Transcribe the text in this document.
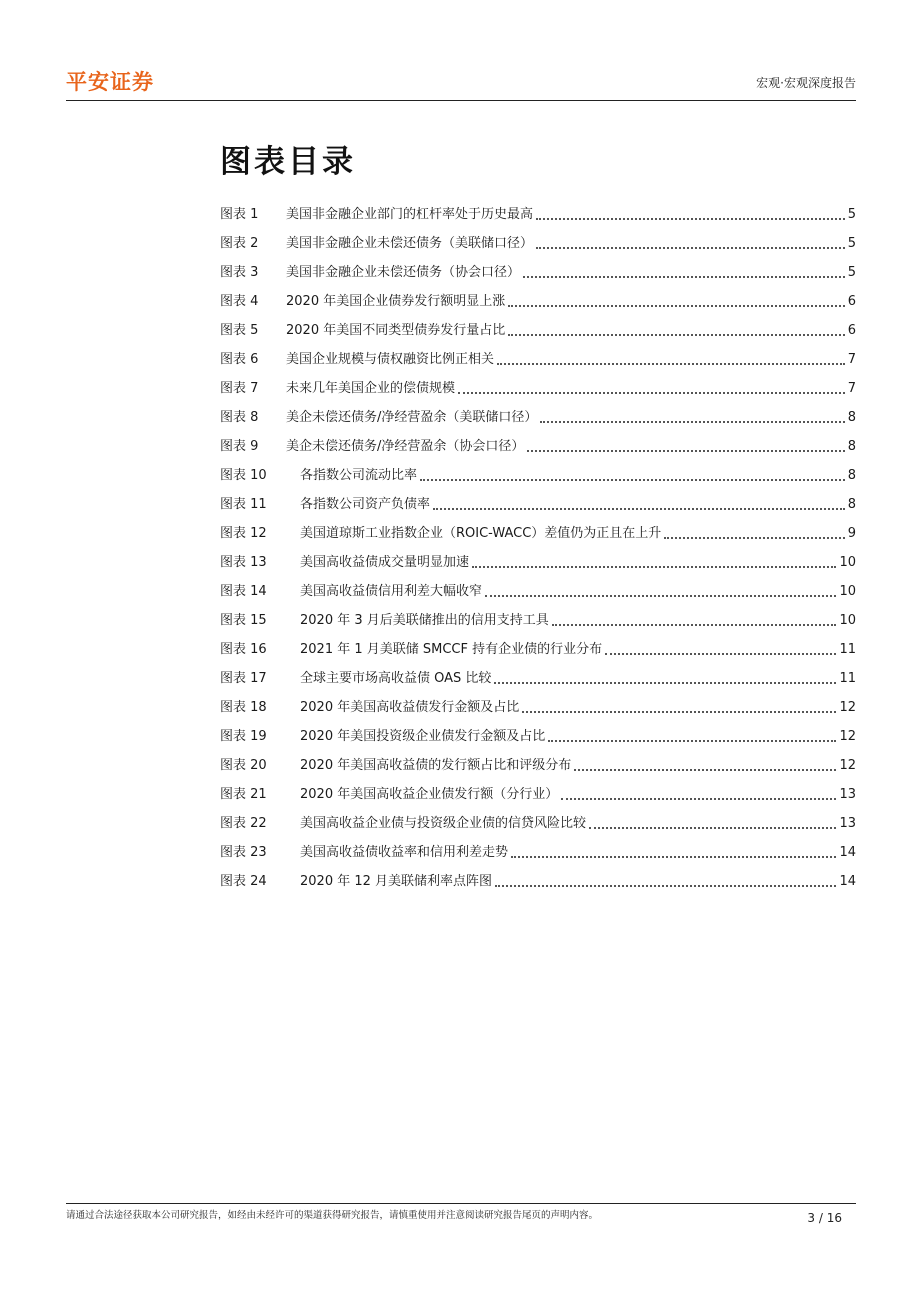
平安证券	宏观·宏观深度报告
图表目录
图表 1	美国非金融企业部门的杠杆率处于历史最高	5
图表 2	美国非金融企业未偿还债务（美联储口径）	5
图表 3	美国非金融企业未偿还债务（协会口径）	5
图表 4	2020 年美国企业债券发行额明显上涨	6
图表 5	2020 年美国不同类型债券发行量占比	6
图表 6	美国企业规模与债权融资比例正相关	7
图表 7	未来几年美国企业的偿债规模	7
图表 8	美企未偿还债务/净经营盈余（美联储口径）	8
图表 9	美企未偿还债务/净经营盈余（协会口径）	8
图表 10	各指数公司流动比率	8
图表 11	各指数公司资产负债率	8
图表 12	美国道琼斯工业指数企业（ROIC-WACC）差值仍为正且在上升	9
图表 13	美国高收益债成交量明显加速	10
图表 14	美国高收益债信用利差大幅收窄	10
图表 15	2020 年 3 月后美联储推出的信用支持工具	10
图表 16	2021 年 1 月美联储 SMCCF 持有企业债的行业分布	11
图表 17	全球主要市场高收益债 OAS 比较	11
图表 18	2020 年美国高收益债发行金额及占比	12
图表 19	2020 年美国投资级企业债发行金额及占比	12
图表 20	2020 年美国高收益债的发行额占比和评级分布	12
图表 21	2020 年美国高收益企业债发行额（分行业）	13
图表 22	美国高收益企业债与投资级企业债的信贷风险比较	13
图表 23	美国高收益债收益率和信用利差走势	14
图表 24	2020 年 12 月美联储利率点阵图	14
请通过合法途径获取本公司研究报告，如经由未经许可的渠道获得研究报告，请慎重使用并注意阅读研究报告尾页的声明内容。	3 / 16
